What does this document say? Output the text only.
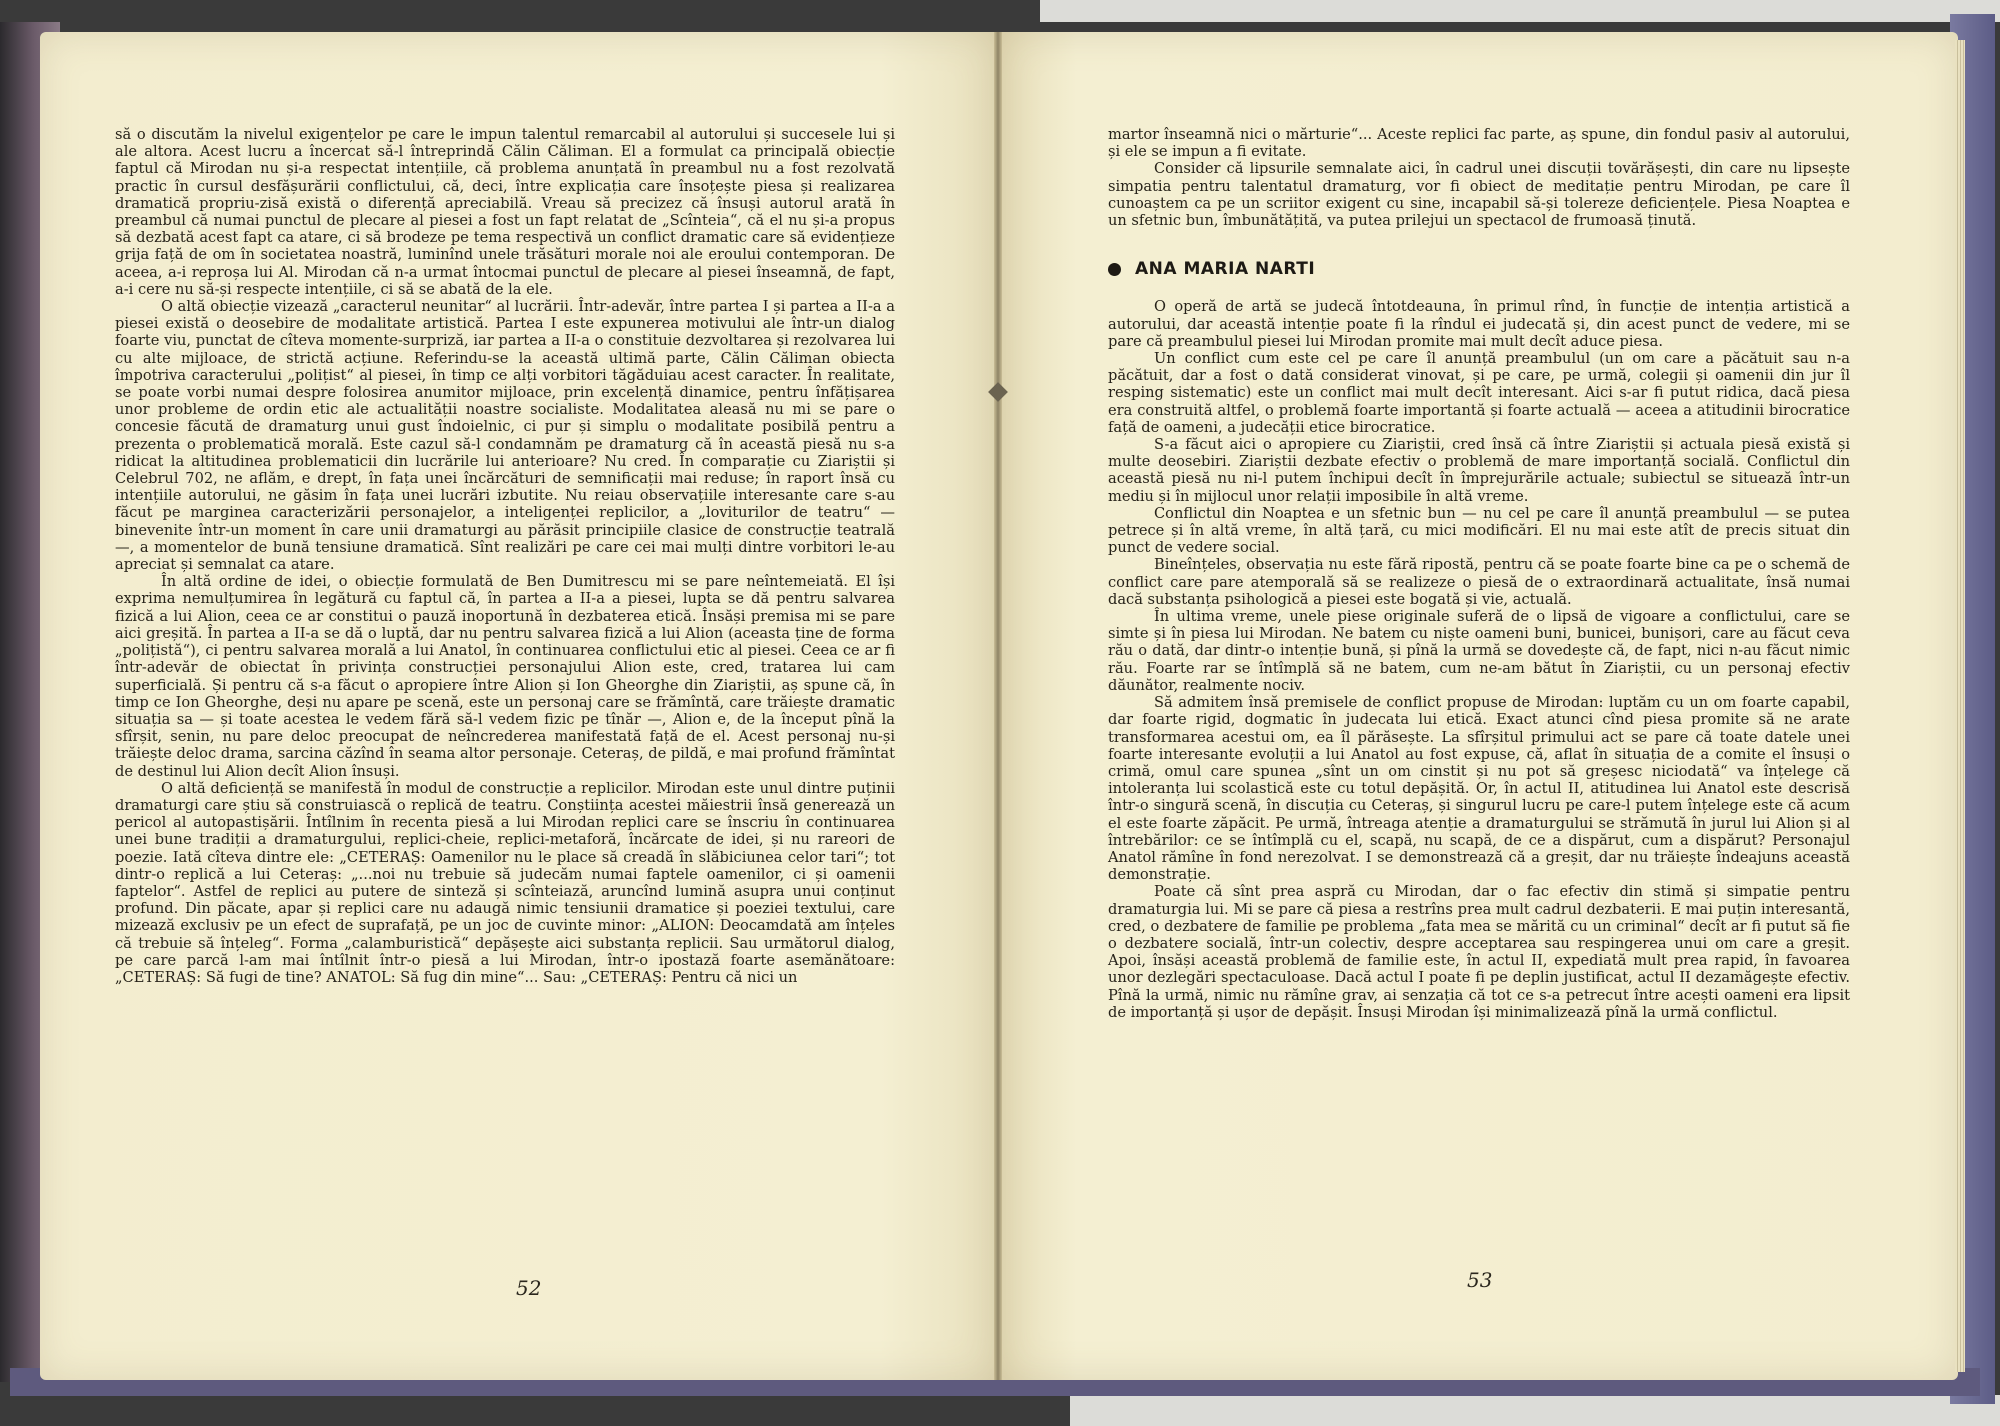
să o discutăm la nivelul exigențelor pe care le impun talentul remarcabil al autorului și succesele lui și ale altora. Acest lucru a încercat să-l întreprindă Călin Căliman. El a formulat ca principală obiecție faptul că Mirodan nu și-a respectat intențiile, că problema anunțată în preambul nu a fost rezolvată practic în cursul desfășurării conflictului, că, deci, între explicația care însoțește piesa și realizarea dramatică propriu-zisă există o diferență apreciabilă. Vreau să precizez că însuși autorul arată în preambul că numai punctul de plecare al piesei a fost un fapt relatat de „Scînteia“, că el nu și-a propus să dezbată acest fapt ca atare, ci să brodeze pe tema respectivă un conflict dramatic care să evidențieze grija față de om în societatea noastră, luminînd unele trăsături morale noi ale eroului contemporan. De aceea, a-i reproșa lui Al. Mirodan că n-a urmat întocmai punctul de plecare al piesei înseamnă, de fapt, a-i cere nu să-și respecte intențiile, ci să se abată de la ele.

O altă obiecție vizează „caracterul neunitar“ al lucrării. Într-adevăr, între partea I și partea a II-a a piesei există o deosebire de modalitate artistică. Partea I este expunerea motivului ale într-un dialog foarte viu, punctat de cîteva momente-surpriză, iar partea a II-a o constituie dezvoltarea și rezolvarea lui cu alte mijloace, de strictă acțiune. Referindu-se la această ultimă parte, Călin Căliman obiecta împotriva caracterului „polițist“ al piesei, în timp ce alți vorbitori tăgăduiau acest caracter. În realitate, se poate vorbi numai despre folosirea anumitor mijloace, prin excelență dinamice, pentru înfățișarea unor probleme de ordin etic ale actualității noastre socialiste. Modalitatea aleasă nu mi se pare o concesie făcută de dramaturg unui gust îndoielnic, ci pur și simplu o modalitate posibilă pentru a prezenta o problematică morală. Este cazul să-l condamnăm pe dramaturg că în această piesă nu s-a ridicat la altitudinea problematicii din lucrările lui anterioare? Nu cred. În comparație cu Ziariștii și Celebrul 702, ne aflăm, e drept, în fața unei încărcături de semnificații mai reduse; în raport însă cu intențiile autorului, ne găsim în fața unei lucrări izbutite. Nu reiau observațiile interesante care s-au făcut pe marginea caracterizării personajelor, a inteligenței replicilor, a „loviturilor de teatru“ — binevenite într-un moment în care unii dramaturgi au părăsit principiile clasice de construcție teatrală —, a momentelor de bună tensiune dramatică. Sînt realizări pe care cei mai mulți dintre vorbitori le-au apreciat și semnalat ca atare.

În altă ordine de idei, o obiecție formulată de Ben Dumitrescu mi se pare neîntemeiată. El își exprima nemulțumirea în legătură cu faptul că, în partea a II-a a piesei, lupta se dă pentru salvarea fizică a lui Alion, ceea ce ar constitui o pauză inoportună în dezbaterea etică. Însăși premisa mi se pare aici greșită. În partea a II-a se dă o luptă, dar nu pentru salvarea fizică a lui Alion (aceasta ține de forma „polițistă“), ci pentru salvarea morală a lui Anatol, în continuarea conflictului etic al piesei. Ceea ce ar fi într-adevăr de obiectat în privința construcției personajului Alion este, cred, tratarea lui cam superficială. Și pentru că s-a făcut o apropiere între Alion și Ion Gheorghe din Ziariștii, aș spune că, în timp ce Ion Gheorghe, deși nu apare pe scenă, este un personaj care se frămîntă, care trăiește dramatic situația sa — și toate acestea le vedem fără să-l vedem fizic pe tînăr —, Alion e, de la început pînă la sfîrșit, senin, nu pare deloc preocupat de neîncrederea manifestată față de el. Acest personaj nu-și trăiește deloc drama, sarcina căzînd în seama altor personaje. Ceteraș, de pildă, e mai profund frămîntat de destinul lui Alion decît Alion însuși.

O altă deficiență se manifestă în modul de construcție a replicilor. Mirodan este unul dintre puținii dramaturgi care știu să construiască o replică de teatru. Conștiința acestei măiestrii însă generează un pericol al autopastișării. Întîlnim în recenta piesă a lui Mirodan replici care se înscriu în continuarea unei bune tradiții a dramaturgului, replici-cheie, replici-metaforă, încărcate de idei, și nu rareori de poezie. Iată cîteva dintre ele: „CETERAȘ: Oamenilor nu le place să creadă în slăbiciunea celor tari“; tot dintr-o replică a lui Ceteraș: „...noi nu trebuie să judecăm numai faptele oamenilor, ci și oamenii faptelor“. Astfel de replici au putere de sinteză și scînteiază, aruncînd lumină asupra unui conținut profund. Din păcate, apar și replici care nu adaugă nimic tensiunii dramatice și poeziei textului, care mizează exclusiv pe un efect de suprafață, pe un joc de cuvinte minor: „ALION: Deocamdată am înțeles că trebuie să înțeleg“. Forma „calamburistică“ depășește aici substanța replicii. Sau următorul dialog, pe care parcă l-am mai întîlnit într-o piesă a lui Mirodan, într-o ipostază foarte asemănătoare: „CETERAȘ: Să fugi de tine? ANATOL: Să fug din mine“... Sau: „CETERAȘ: Pentru că nici un

52

martor înseamnă nici o mărturie“... Aceste replici fac parte, aș spune, din fondul pasiv al autorului, și ele se impun a fi evitate.

Consider că lipsurile semnalate aici, în cadrul unei discuții tovărășești, din care nu lipsește simpatia pentru talentatul dramaturg, vor fi obiect de meditație pentru Mirodan, pe care îl cunoaștem ca pe un scriitor exigent cu sine, incapabil să-și tolereze deficiențele. Piesa Noaptea e un sfetnic bun, îmbunătățită, va putea prilejui un spectacol de frumoasă ținută.

ANA MARIA NARTI

O operă de artă se judecă întotdeauna, în primul rînd, în funcție de intenția artistică a autorului, dar această intenție poate fi la rîndul ei judecată și, din acest punct de vedere, mi se pare că preambulul piesei lui Mirodan promite mai mult decît aduce piesa.

Un conflict cum este cel pe care îl anunță preambulul (un om care a păcătuit sau n-a păcătuit, dar a fost o dată considerat vinovat, și pe care, pe urmă, colegii și oamenii din jur îl resping sistematic) este un conflict mai mult decît interesant. Aici s-ar fi putut ridica, dacă piesa era construită altfel, o problemă foarte importantă și foarte actuală — aceea a atitudinii birocratice față de oameni, a judecății etice birocratice.

S-a făcut aici o apropiere cu Ziariștii, cred însă că între Ziariștii și actuala piesă există și multe deosebiri. Ziariștii dezbate efectiv o problemă de mare importanță socială. Conflictul din această piesă nu ni-l putem închipui decît în împrejurările actuale; subiectul se situează într-un mediu și în mijlocul unor relații imposibile în altă vreme.

Conflictul din Noaptea e un sfetnic bun — nu cel pe care îl anunță preambulul — se putea petrece și în altă vreme, în altă țară, cu mici modificări. El nu mai este atît de precis situat din punct de vedere social.

Bineînțeles, observația nu este fără ripostă, pentru că se poate foarte bine ca pe o schemă de conflict care pare atemporală să se realizeze o piesă de o extraordinară actualitate, însă numai dacă substanța psihologică a piesei este bogată și vie, actuală.

În ultima vreme, unele piese originale suferă de o lipsă de vigoare a conflictului, care se simte și în piesa lui Mirodan. Ne batem cu niște oameni buni, bunicei, bunișori, care au făcut ceva rău o dată, dar dintr-o intenție bună, și pînă la urmă se dovedește că, de fapt, nici n-au făcut nimic rău. Foarte rar se întîmplă să ne batem, cum ne-am bătut în Ziariștii, cu un personaj efectiv dăunător, realmente nociv.

Să admitem însă premisele de conflict propuse de Mirodan: luptăm cu un om foarte capabil, dar foarte rigid, dogmatic în judecata lui etică. Exact atunci cînd piesa promite să ne arate transformarea acestui om, ea îl părăsește. La sfîrșitul primului act se pare că toate datele unei foarte interesante evoluții a lui Anatol au fost expuse, că, aflat în situația de a comite el însuși o crimă, omul care spunea „sînt un om cinstit și nu pot să greșesc niciodată“ va înțelege că intoleranța lui scolastică este cu totul depășită. Or, în actul II, atitudinea lui Anatol este descrisă într-o singură scenă, în discuția cu Ceteraș, și singurul lucru pe care-l putem înțelege este că acum el este foarte zăpăcit. Pe urmă, întreaga atenție a dramaturgului se strămută în jurul lui Alion și al întrebărilor: ce se întîmplă cu el, scapă, nu scapă, de ce a dispărut, cum a dispărut? Personajul Anatol rămîne în fond nerezolvat. I se demonstrează că a greșit, dar nu trăiește îndeajuns această demonstrație.

Poate că sînt prea aspră cu Mirodan, dar o fac efectiv din stimă și simpatie pentru dramaturgia lui. Mi se pare că piesa a restrîns prea mult cadrul dezbaterii. E mai puțin interesantă, cred, o dezbatere de familie pe problema „fata mea se mărită cu un criminal“ decît ar fi putut să fie o dezbatere socială, într-un colectiv, despre acceptarea sau respingerea unui om care a greșit. Apoi, însăși această problemă de familie este, în actul II, expediată mult prea rapid, în favoarea unor dezlegări spectaculoase. Dacă actul I poate fi pe deplin justificat, actul II dezamăgește efectiv. Pînă la urmă, nimic nu rămîne grav, ai senzația că tot ce s-a petrecut între acești oameni era lipsit de importanță și ușor de depășit. Însuși Mirodan își minimalizează pînă la urmă conflictul.

53
